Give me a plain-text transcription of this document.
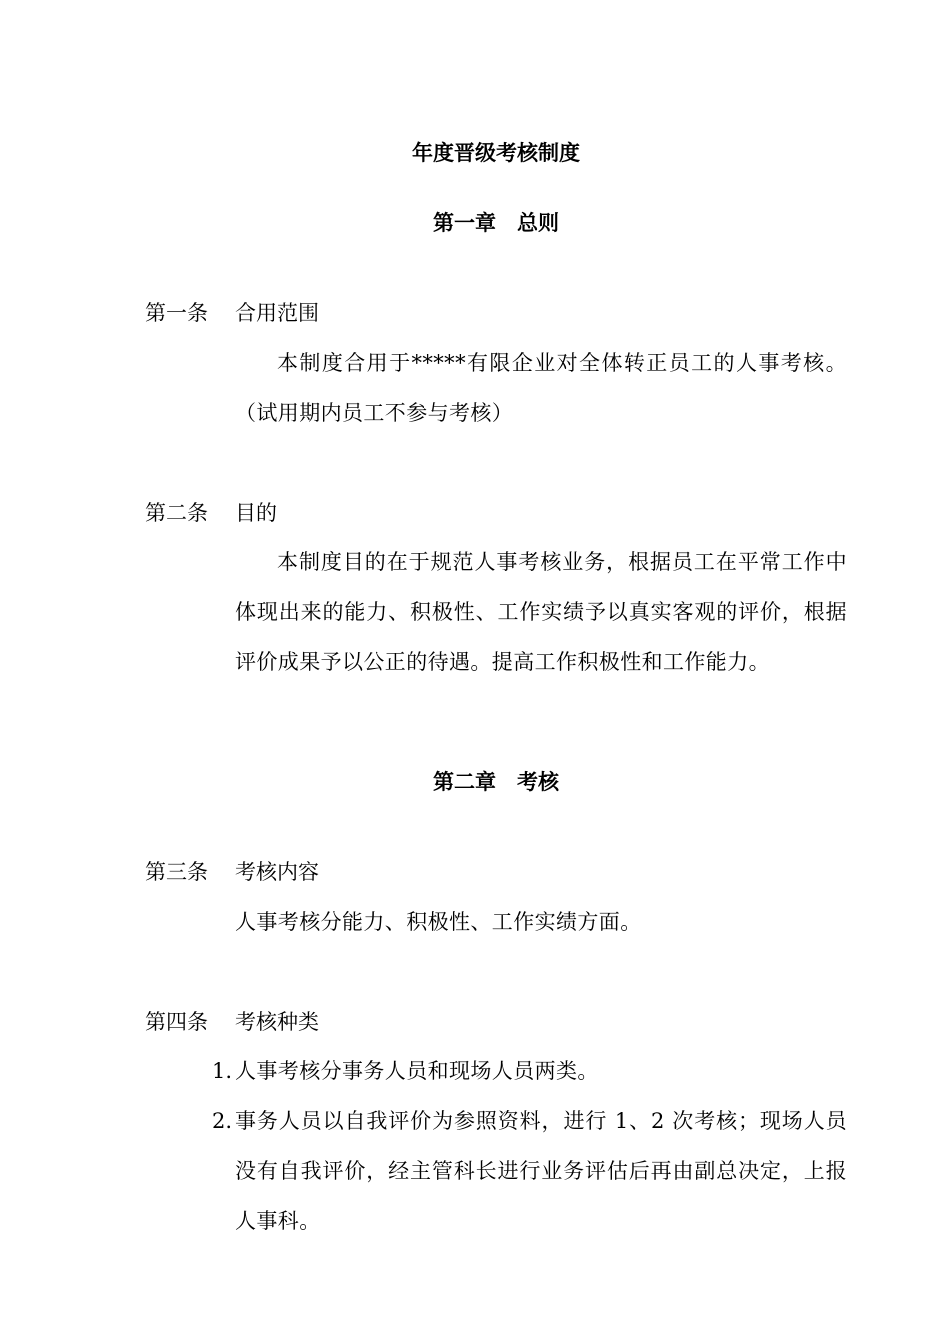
年度晋级考核制度
第一章　总则
第一条 合用范围
本制度合用于*****有限企业对全体转正员工的人事考核。（试用期内员工不参与考核）
第二条 目的
本制度目的在于规范人事考核业务，根据员工在平常工作中体现出来的能力、积极性、工作实绩予以真实客观的评价，根据评价成果予以公正的待遇。提高工作积极性和工作能力。
第二章　考核
第三条 考核内容
人事考核分能力、积极性、工作实绩方面。
第四条 考核种类
1. 人事考核分事务人员和现场人员两类。
2. 事务人员以自我评价为参照资料，进行 1、2 次考核；现场人员没有自我评价，经主管科长进行业务评估后再由副总决定，上报人事科。
